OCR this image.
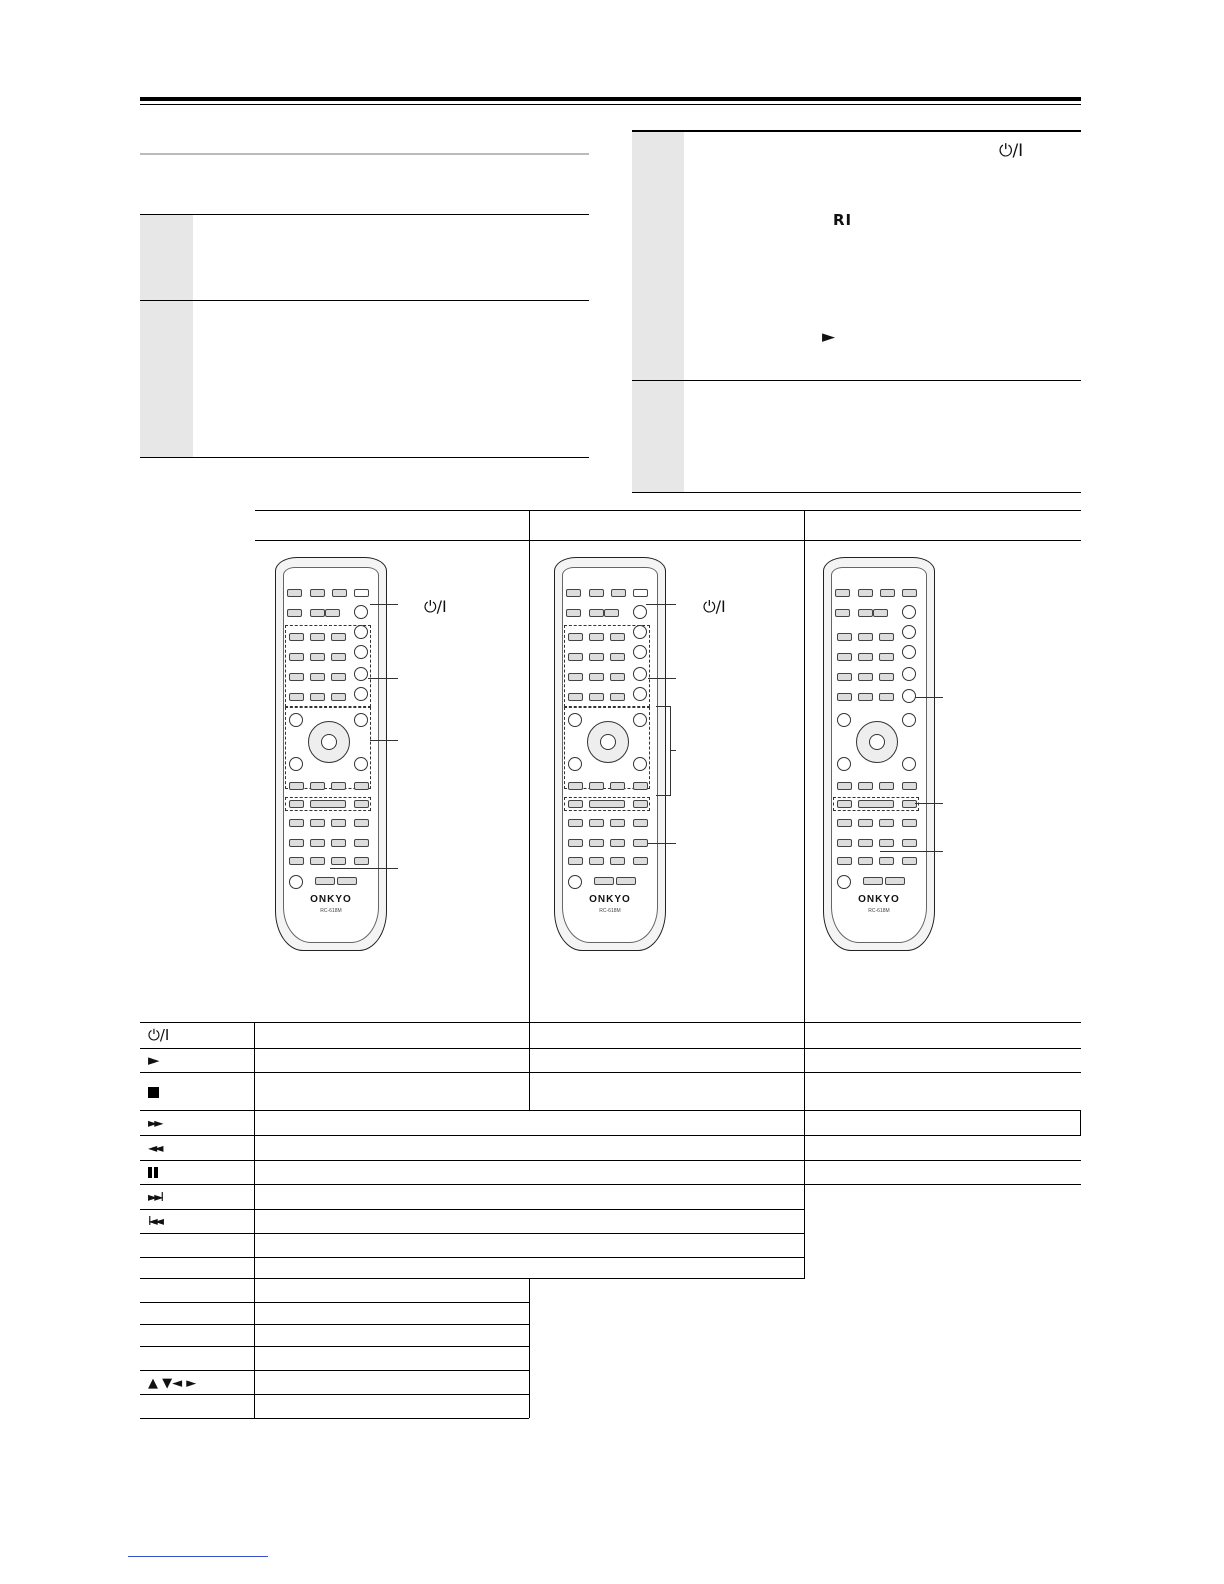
⏻/I
RI
►
ONKYO
RC-618M
⏻/I
ONKYO
RC-618M
⏻/I
ONKYO
RC-618M
⏻/I
►
►►
◄◄
►►I
I◄◄
▲ ▼◄ ►
